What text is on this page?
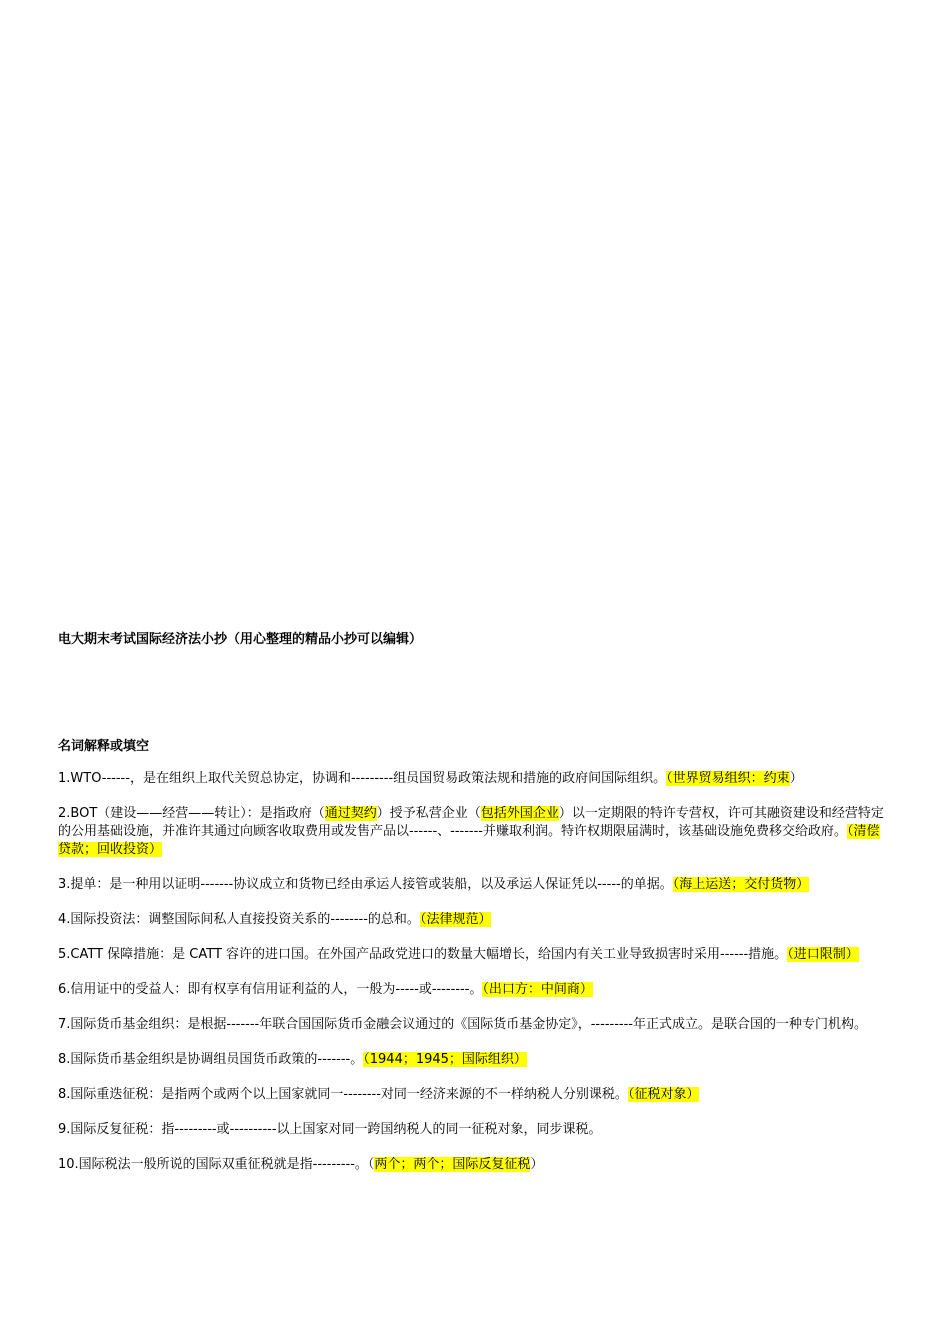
电大期末考试国际经济法小抄（用心整理的精品小抄可以编辑）
名词解释或填空
1.WTO------，是在组织上取代关贸总协定，协调和---------组员国贸易政策法规和措施的政府间国际组织。（世界贸易组织：约束）
2.BOT（建设——经营——转让）：是指政府（通过契约）授予私营企业（包括外国企业）以一定期限的特许专营权，许可其融资建设和经营特定的公用基础设施，并准许其通过向顾客收取费用或发售产品以------、-------并赚取利润。特许权期限届满时，该基础设施免费移交给政府。（清偿贷款；回收投资）
3.提单：是一种用以证明-------协议成立和货物已经由承运人接管或装船，以及承运人保证凭以-----的单据。（海上运送；交付货物）
4.国际投资法：调整国际间私人直接投资关系的--------的总和。（法律规范）
5.CATT 保障措施：是 CATT 容许的进口国。在外国产品政党进口的数量大幅增长，给国内有关工业导致损害时采用------措施。（进口限制）
6.信用证中的受益人：即有权享有信用证利益的人，一般为-----或--------。（出口方：中间商）
7.国际货币基金组织：是根据-------年联合国国际货币金融会议通过的《国际货币基金协定》，---------年正式成立。是联合国的一种专门机构。
8.国际货币基金组织是协调组员国货币政策的-------。（1944；1945；国际组织）
8.国际重迭征税：是指两个或两个以上国家就同一--------对同一经济来源的不一样纳税人分别课税。（征税对象）
9.国际反复征税：指---------或----------以上国家对同一跨国纳税人的同一征税对象，同步课税。
10.国际税法一般所说的国际双重征税就是指---------。（两个；两个；国际反复征税）
